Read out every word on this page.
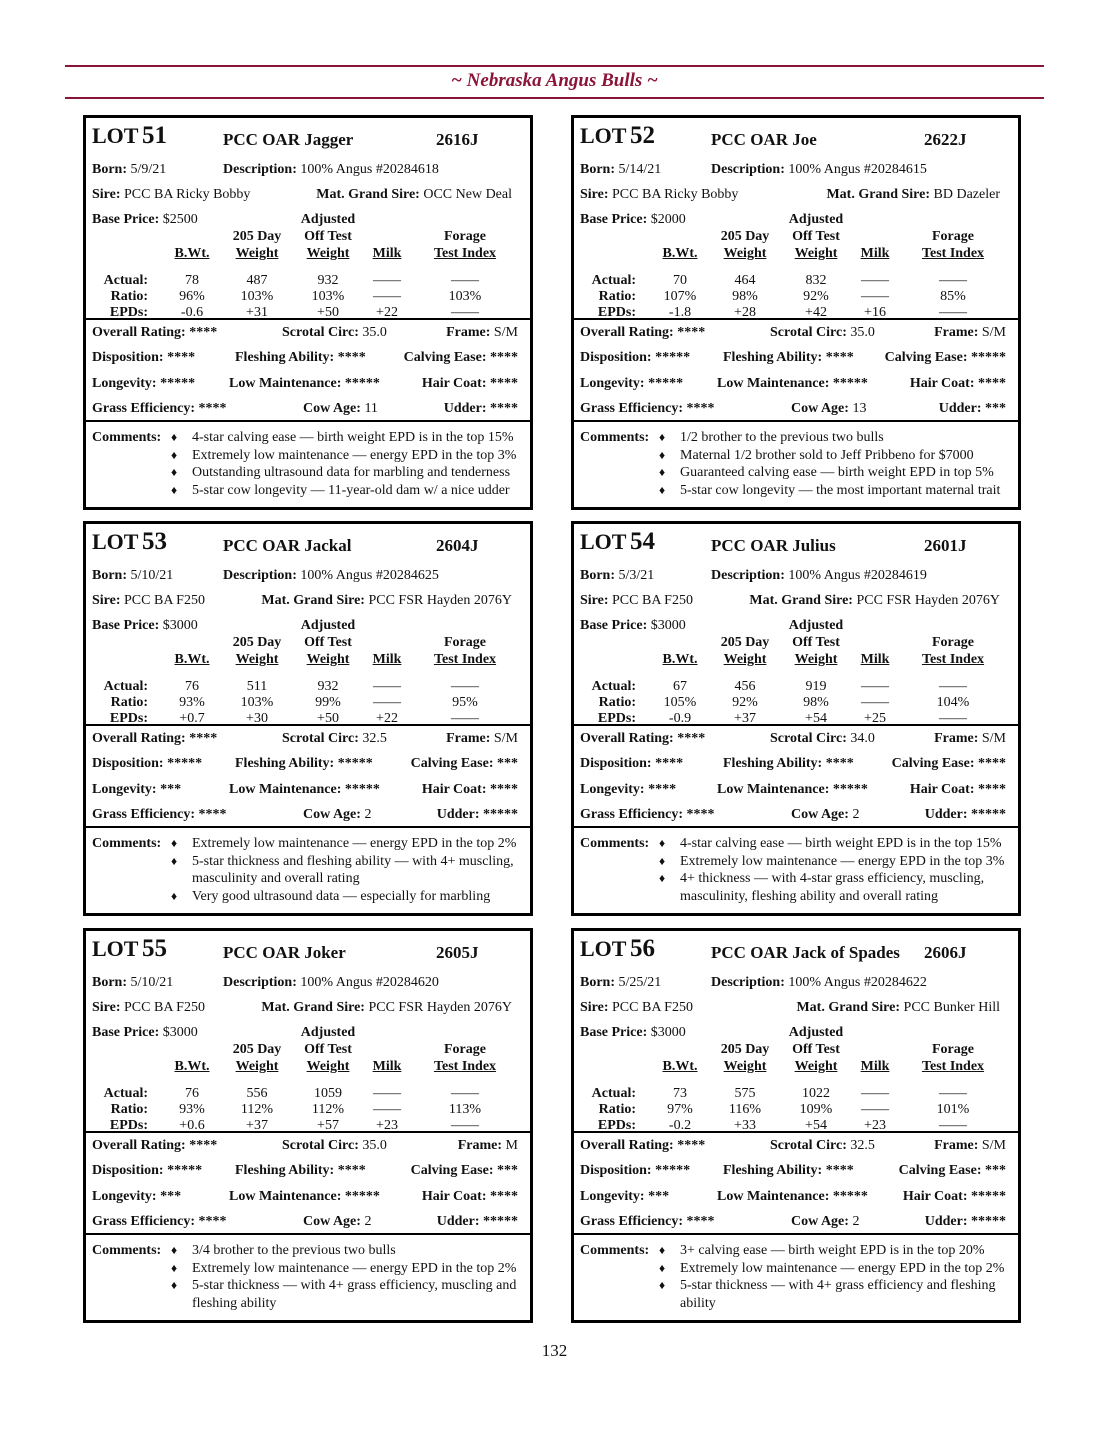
~ Nebraska Angus Bulls ~
LOT 51	PCC OAR Jagger	2616J
Born: 5/9/21	Description: 100% Angus #20284618
Sire: PCC BA Ricky Bobby	Mat. Grand Sire: OCC New Deal
Base Price: $2500	Adjusted
205 Day	Off Test	Forage
B.Wt.	Weight	Weight	Milk	Test Index
Actual:	78	487	932	——	——
Ratio:	96%	103%	103%	——	103%
EPDs:	-0.6	+31	+50	+22	——
Overall Rating: ****	Scrotal Circ: 35.0	Frame: S/M
Disposition: ****	Fleshing Ability: ****	Calving Ease: ****
Longevity: ***** Low Maintenance: *****	Hair Coat: ****
Grass Efficiency: ****	Cow Age: 11	Udder: ****
Comments: ♦ 4-star calving ease — birth weight EPD is in the top 15%
♦ Extremely low maintenance — energy EPD in the top 3%
♦ Outstanding ultrasound data for marbling and tenderness
♦ 5-star cow longevity — 11-year-old dam w/ a nice udder
LOT 52	PCC OAR Joe	2622J
Born: 5/14/21	Description: 100% Angus #20284615
Sire: PCC BA Ricky Bobby	Mat. Grand Sire: BD Dazeler
Base Price: $2000	Adjusted
205 Day	Off Test	Forage
B.Wt.	Weight	Weight	Milk	Test Index
Actual:	70	464	832	——	——
Ratio:	107%	98%	92%	——	85%
EPDs:	-1.8	+28	+42	+16	——
Overall Rating: ****	Scrotal Circ: 35.0	Frame: S/M
Disposition: ***** Fleshing Ability: **** Calving Ease: *****
Longevity: ***** Low Maintenance: *****	Hair Coat: ****
Grass Efficiency: ****	Cow Age: 13	Udder: ***
Comments: ♦ 1/2 brother to the previous two bulls
♦ Maternal 1/2 brother sold to Jeff Pribbeno for $7000
♦ Guaranteed calving ease — birth weight EPD in top 5%
♦ 5-star cow longevity — the most important maternal trait
LOT 53	PCC OAR Jackal	2604J
Born: 5/10/21	Description: 100% Angus #20284625
Sire: PCC BA F250	Mat. Grand Sire: PCC FSR Hayden 2076Y
Base Price: $3000	Adjusted
205 Day	Off Test	Forage
B.Wt.	Weight	Weight	Milk	Test Index
Actual:	76	511	932	——	——
Ratio:	93%	103%	99%	——	95%
EPDs:	+0.7	+30	+50	+22	——
Overall Rating: ****	Scrotal Circ: 32.5	Frame: S/M
Disposition: ***** Fleshing Ability: *****	Calving Ease: ***
Longevity: ***	Low Maintenance: *****	Hair Coat: ****
Grass Efficiency: ****	Cow Age: 2	Udder: *****
Comments: ♦ Extremely low maintenance — energy EPD in the top 2%
♦ 5-star thickness and fleshing ability — with 4+ muscling, masculinity and overall rating
♦ Very good ultrasound data — especially for marbling
LOT 54	PCC OAR Julius	2601J
Born: 5/3/21	Description: 100% Angus #20284619
Sire: PCC BA F250	Mat. Grand Sire: PCC FSR Hayden 2076Y
Base Price: $3000	Adjusted
205 Day	Off Test	Forage
B.Wt.	Weight	Weight	Milk	Test Index
Actual:	67	456	919	——	——
Ratio:	105%	92%	98%	——	104%
EPDs:	-0.9	+37	+54	+25	——
Overall Rating: ****	Scrotal Circ: 34.0	Frame: S/M
Disposition: ****	Fleshing Ability: ****	Calving Ease: ****
Longevity: ****	Low Maintenance: *****	Hair Coat: ****
Grass Efficiency: ****	Cow Age: 2	Udder: *****
Comments: ♦ 4-star calving ease — birth weight EPD is in the top 15%
♦ Extremely low maintenance — energy EPD in the top 3%
♦ 4+ thickness — with 4-star grass efficiency, muscling, masculinity, fleshing ability and overall rating
LOT 55	PCC OAR Joker	2605J
Born: 5/10/21	Description: 100% Angus #20284620
Sire: PCC BA F250	Mat. Grand Sire: PCC FSR Hayden 2076Y
Base Price: $3000	Adjusted
205 Day	Off Test	Forage
B.Wt.	Weight	Weight	Milk	Test Index
Actual:	76	556	1059	——	——
Ratio:	93%	112%	112%	——	113%
EPDs:	+0.6	+37	+57	+23	——
Overall Rating: ****	Scrotal Circ: 35.0	Frame: M
Disposition: ***** Fleshing Ability: ****	Calving Ease: ***
Longevity: ***	Low Maintenance: *****	Hair Coat: ****
Grass Efficiency: ****	Cow Age: 2	Udder: *****
Comments: ♦ 3/4 brother to the previous two bulls
♦ Extremely low maintenance — energy EPD in the top 2%
♦ 5-star thickness — with 4+ grass efficiency, muscling and fleshing ability
LOT 56	PCC OAR Jack of Spades 2606J
Born: 5/25/21	Description: 100% Angus #20284622
Sire: PCC BA F250	Mat. Grand Sire: PCC Bunker Hill
Base Price: $3000	Adjusted
205 Day	Off Test	Forage
B.Wt.	Weight	Weight	Milk	Test Index
Actual:	73	575	1022	——	——
Ratio:	97%	116%	109%	——	101%
EPDs:	-0.2	+33	+54	+23	——
Overall Rating: ****	Scrotal Circ: 32.5	Frame: S/M
Disposition: ***** Fleshing Ability: ****	Calving Ease: ***
Longevity: ***	Low Maintenance: ***** Hair Coat: *****
Grass Efficiency: ****	Cow Age: 2	Udder: *****
Comments: ♦ 3+ calving ease — birth weight EPD is in the top 20%
♦ Extremely low maintenance — energy EPD in the top 2%
♦ 5-star thickness — with 4+ grass efficiency and fleshing ability
132
